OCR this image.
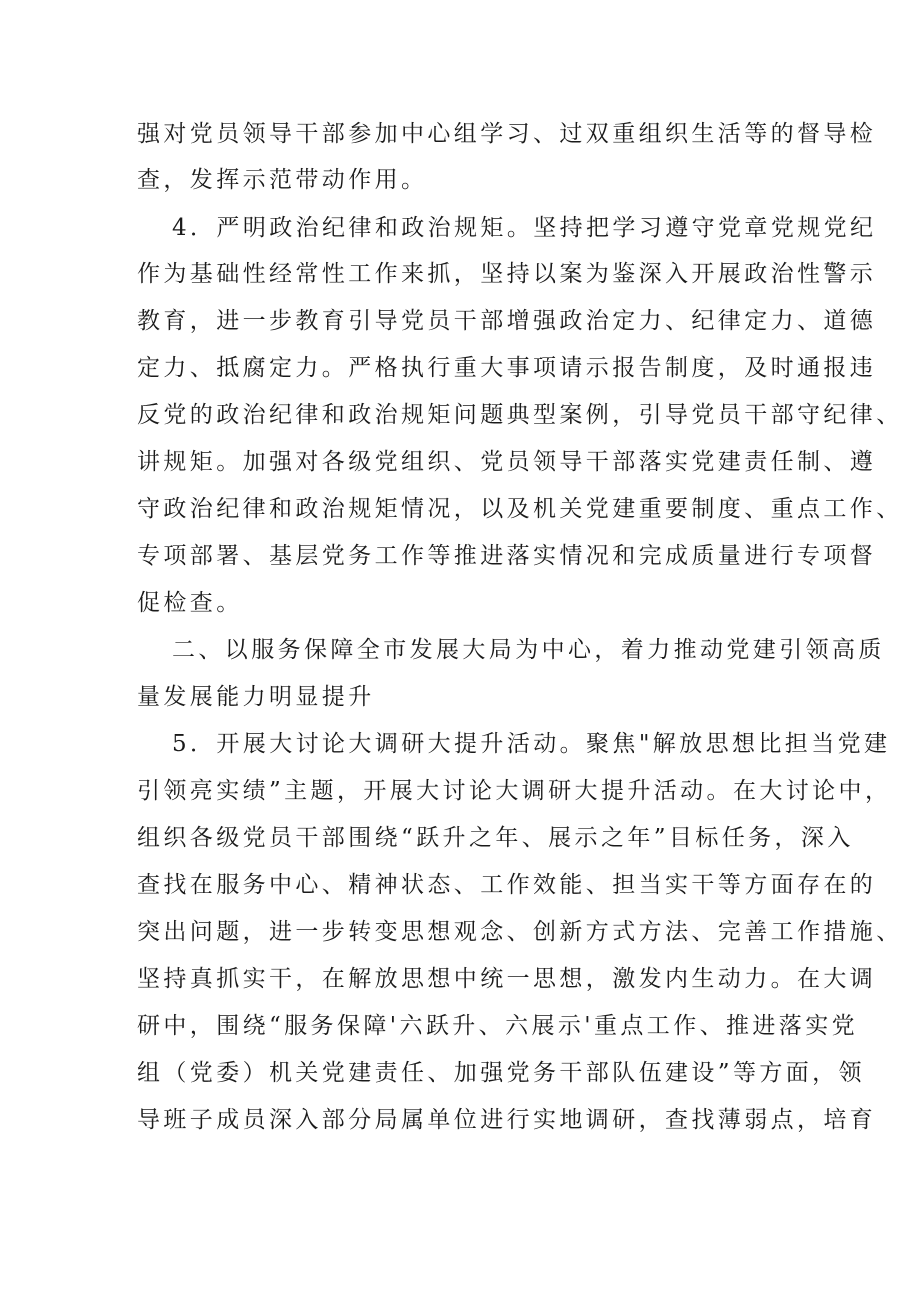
强对党员领导干部参加中心组学习、过双重组织生活等的督导检
查，发挥示范带动作用。
4．严明政治纪律和政治规矩。坚持把学习遵守党章党规党纪
作为基础性经常性工作来抓，坚持以案为鉴深入开展政治性警示
教育，进一步教育引导党员干部增强政治定力、纪律定力、道德
定力、抵腐定力。严格执行重大事项请示报告制度，及时通报违
反党的政治纪律和政治规矩问题典型案例，引导党员干部守纪律、
讲规矩。加强对各级党组织、党员领导干部落实党建责任制、遵
守政治纪律和政治规矩情况，以及机关党建重要制度、重点工作、
专项部署、基层党务工作等推进落实情况和完成质量进行专项督
促检查。
二、以服务保障全市发展大局为中心，着力推动党建引领高质
量发展能力明显提升
5．开展大讨论大调研大提升活动。聚焦"解放思想比担当党建
引领亮实绩”主题，开展大讨论大调研大提升活动。在大讨论中，
组织各级党员干部围绕“跃升之年、展示之年”目标任务，深入
查找在服务中心、精神状态、工作效能、担当实干等方面存在的
突出问题，进一步转变思想观念、创新方式方法、完善工作措施、
坚持真抓实干，在解放思想中统一思想，激发内生动力。在大调
研中，围绕“服务保障'六跃升、六展示'重点工作、推进落实党
组（党委）机关党建责任、加强党务干部队伍建设”等方面，领
导班子成员深入部分局属单位进行实地调研，查找薄弱点，培育
